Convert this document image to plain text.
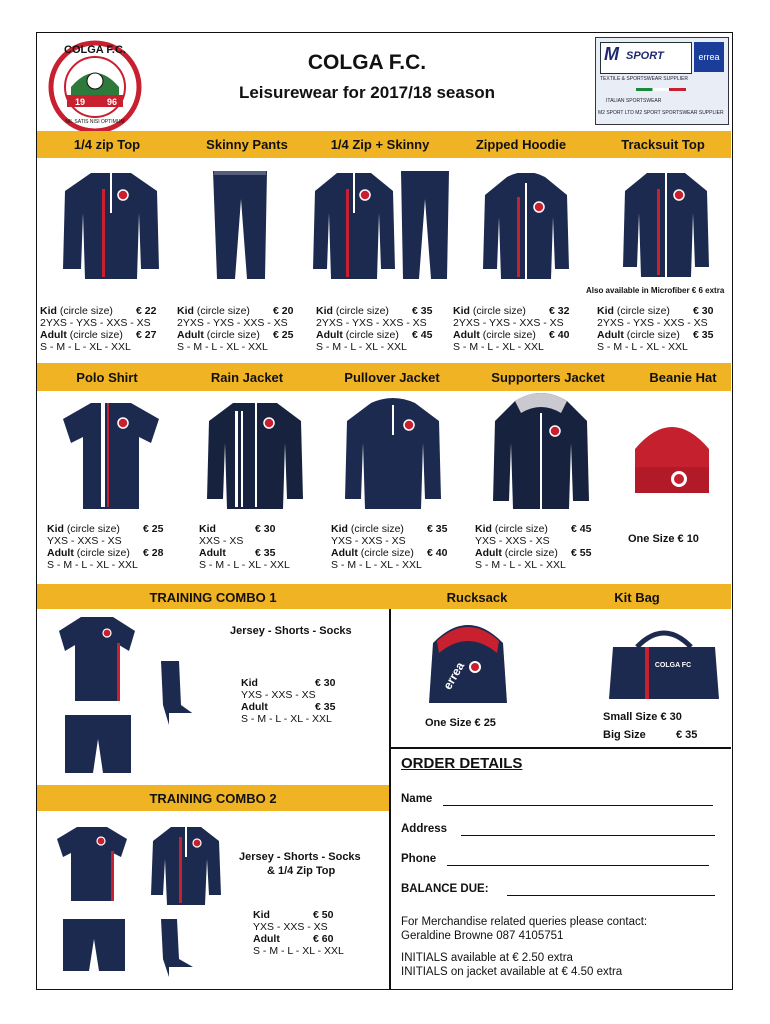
COLGA F.C.
19 96
NIL SATIS NISI OPTIMUM
COLGA F.C.
Leisurewear for 2017/18 season
SPORT
M	errea
TEXTILE & SPORTSWEAR SUPPLIER
ITALIAN SPORTSWEAR
M2 SPORT LTD M2 SPORT SPORTSWEAR SUPPLIER
1/4 zip Top	Skinny Pants	1/4 Zip + Skinny	Zipped Hoodie	Tracksuit Top
Also available in Microfiber € 6 extra
Kid (circle size) € 22
2YXS - YXS - XXS - XS
Adult (circle size) € 27
S - M - L - XL - XXL
Kid (circle size) € 20
2YXS - YXS - XXS - XS
Adult (circle size) € 25
S - M - L - XL - XXL
Kid (circle size) € 35
2YXS - YXS - XXS - XS
Adult (circle size) € 45
S - M - L - XL - XXL
Kid (circle size) € 32
2YXS - YXS - XXS - XS
Adult (circle size) € 40
S - M - L - XL - XXL
Kid (circle size) € 30
2YXS - YXS - XXS - XS
Adult (circle size) € 35
S - M - L - XL - XXL
Polo Shirt	Rain Jacket	Pullover Jacket	Supporters Jacket	Beanie Hat
Kid (circle size) € 25
YXS - XXS - XS
Adult (circle size) € 28
S - M - L - XL - XXL
Kid	€ 30
XXS - XS
Adult	€ 35
S - M - L - XL - XXL
Kid (circle size) € 35
YXS - XXS - XS
Adult (circle size) € 40
S - M - L - XL - XXL
Kid (circle size) € 45
YXS - XXS - XS
Adult (circle size) € 55
S - M - L - XL - XXL
One Size € 10
TRAINING COMBO 1	Rucksack	Kit Bag
Jersey - Shorts - Socks
Kid	€ 30
YXS - XXS - XS
Adult	€ 35
S - M - L - XL - XXL
errea
One Size € 25
COLGA FC
Small Size € 30
Big Size	€ 35
TRAINING COMBO 2
Jersey - Shorts - Socks
& 1/4 Zip Top
Kid	€ 50
YXS - XXS - XS
Adult	€ 60
S - M - L - XL - XXL
ORDER DETAILS
Name
Address
Phone
BALANCE DUE:
For Merchandise related queries please contact:
Geraldine Browne 087 4105751
INITIALS available at € 2.50 extra
INITIALS on jacket available at € 4.50 extra
